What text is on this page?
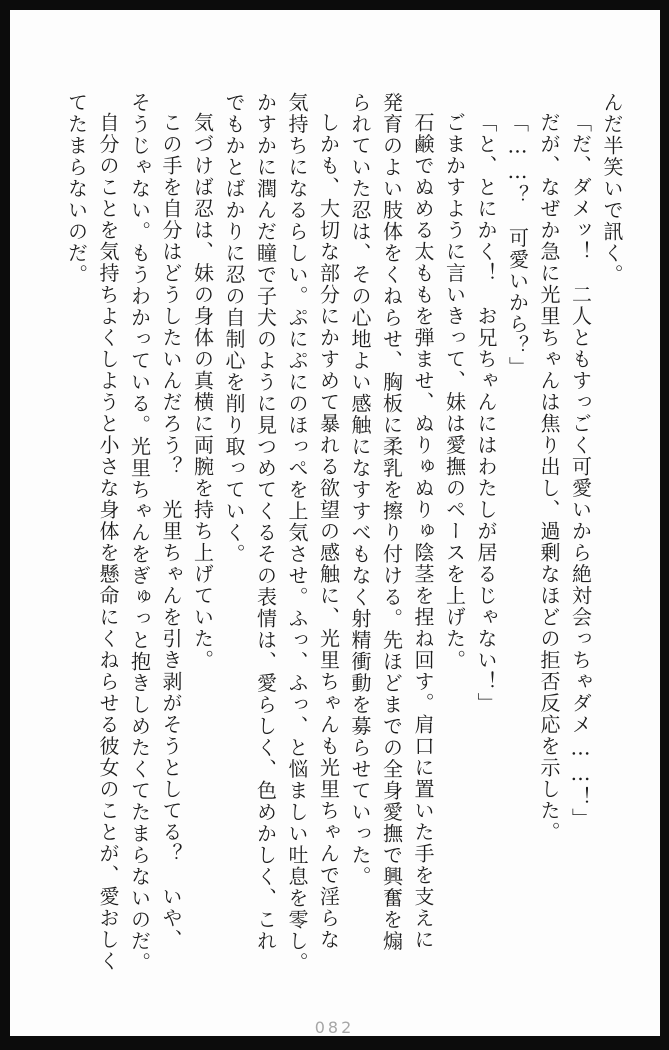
んだ半笑いで訊く。
「だ、ダメッ！　二人ともすっごく可愛いから絶対会っちゃダメ……！」
だが、なぜか急に光里ちゃんは焦り出し、過剰なほどの拒否反応を示した。
「……？　可愛いから？」
「と、とにかく！　お兄ちゃんにはわたしが居るじゃない！」
ごまかすように言いきって、妹は愛撫のペースを上げた。
石鹸でぬめる太ももを弾ませ、ぬりゅぬりゅ陰茎を捏ね回す。肩口に置いた手を支えに
発育のよい肢体をくねらせ、胸板に柔乳を擦り付ける。先ほどまでの全身愛撫で興奮を煽
られていた忍は、その心地よい感触になすすべもなく射精衝動を募らせていった。
しかも、大切な部分にかすめて暴れる欲望の感触に、光里ちゃんも光里ちゃんで淫らな
気持ちになるらしい。ぷにぷにのほっぺを上気させ。ふっ、ふっ、と悩ましい吐息を零し。
かすかに潤んだ瞳で子犬のように見つめてくるその表情は、愛らしく、色めかしく、これ
でもかとばかりに忍の自制心を削り取っていく。
気づけば忍は、妹の身体の真横に両腕を持ち上げていた。
この手を自分はどうしたいんだろう？　光里ちゃんを引き剥がそうとしてる？　いや、
そうじゃない。もうわかっている。光里ちゃんをぎゅっと抱きしめたくてたまらないのだ。
自分のことを気持ちよくしようと小さな身体を懸命にくねらせる彼女のことが、愛おしく
てたまらないのだ。
082
